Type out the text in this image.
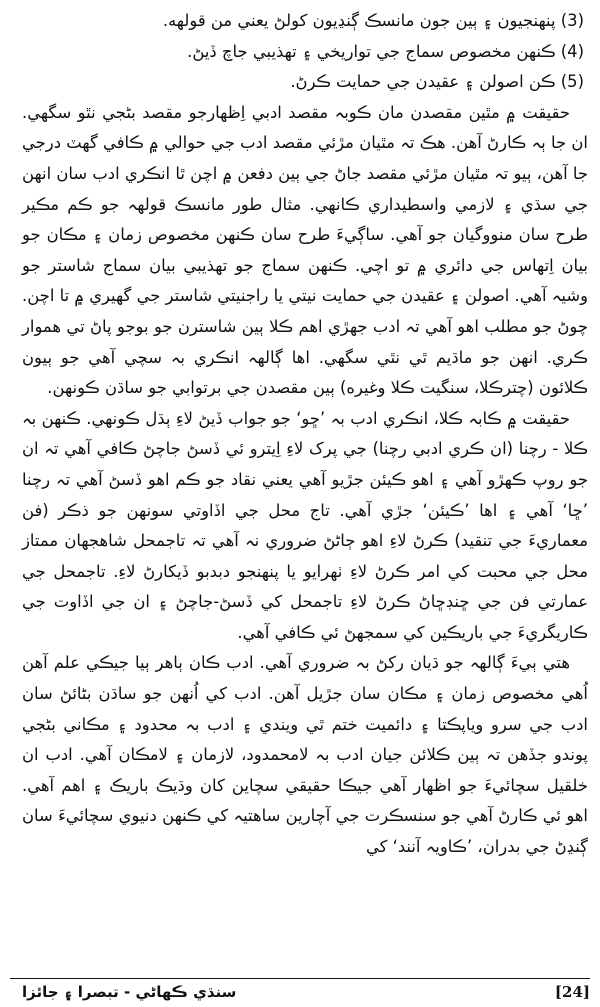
(3) پنھنجيون ۽ ٻين جون مانسڪ ڳنڍيون کولڻ يعني من قولهه.

(4) ڪنهن مخصوص سماج جي تواريخي ۽ تهذيبي جاچ ڏيڻ.

(5) ڪن اصولن ۽ عقيدن جي حمايت ڪرڻ.

حقيقت ۾ مٿين مقصدن مان ڪوبہ مقصد ادبي اِظهارجو مقصد بڻجي نٿو سگهي. ان جا ٻہ ڪارڻ آهن. هڪ تہ مٿيان مڙئي مقصد ادب جي حوالي ۾ ڪافي گهٽ درجي جا آهن، ٻيو تہ مٿيان مڙئي مقصد جاڻ جي ٻين دفعن ۾ اچن ٿا انڪري ادب سان انهن جي سڌي ۽ لازمي واسطيداري ڪانهي. مثال طور مانسڪ قولهہ جو ڪم مڪير طرح سان منووگيان جو آهي. ساڳيءَ طرح سان ڪنهن مخصوص زمان ۽ مڪان جو بيان اِتهاس جي دائري ۾ تو اچي. ڪنهن سماج جو تهذيبي بيان سماج شاستر جو وشيہ آهي. اصولن ۽ عقيدن جي حمايت نيتي يا راجنيتي شاستر جي گهيري ۾ تا اچن. چوڻ جو مطلب اهو آهي تہ ادب جهڙي اهم ڪلا ٻين شاسترن جو بوجو پاڻ تي هموار ڪري. انهن جو ماڌيم ٿي نٿي سگهي. اها ڳالهہ انڪري بہ سچي آهي جو ٻيون ڪلائون (چترڪلا، سنگيت ڪلا وغيره) ٻين مقصدن جي برتوابي جو ساڌن ڪونهن.

حقيقت ۾ ڪابہ ڪلا، انڪري ادب بہ ’ڇو‘ جو جواب ڏيڻ لاءِ ٻڌل ڪونهي. ڪنهن بہ ڪلا - رچنا (ان ڪري ادبي رچنا) جي پرک لاءِ اِيترو ئي ڏسڻ جاچڻ ڪافي آهي تہ ان جو روپ ڪهڙو آهي ۽ اهو ڪيئن جڙيو آهي يعني نقاد جو ڪم اهو ڏسڻ آهي تہ رچنا ’ڇا‘ آهي ۽ اها ’ڪيئن‘ جڙي آهي. تاج محل جي اڏاوتي سونهن جو ذڪر (فن معماريءَ جي تنقيد) ڪرڻ لاءِ اهو ڄاڻڻ ضروري نہ آهي تہ تاجمحل شاهجهان ممتاز محل جي محبت کي امر ڪرڻ لاءِ ٺهرايو يا پنهنجو دبدبو ڏيکارڻ لاءِ. تاجمحل جي عمارتي فن جي ڇنڊڇاڻ ڪرڻ لاءِ تاجمحل کي ڏسڻ-جاچڻ ۽ ان جي اڏاوت جي ڪاريگريءَ جي باريڪين کي سمجهڻ ئي ڪافي آهي.

هتي ٻيءَ ڳالهہ جو ڌيان رکڻ بہ ضروري آهي. ادب ڪان ٻاهر ٻيا جيڪي علم آهن اُهي مخصوص زمان ۽ مڪان سان جڙيل آهن. ادب کي اُنهن جو ساڌن بڻائڻ سان ادب جي سرو وياپڪتا ۽ دائميت ختم ٿي ويندي ۽ ادب بہ محدود ۽ مڪاني بڻجي پوندو جڏهن تہ ٻين ڪلائن جيان ادب بہ لامحمدود، لازمان ۽ لامڪان آهي. ادب ان خلقيل سچائيءَ جو اظهار آهي جيڪا حقيقي سچاين کان وڌيڪ باريڪ ۽ اهم آهي. اهو ئي ڪارڻ آهي جو سنسڪرت جي آچارين ساهتيہ کي ڪنهن دنيوي سچائيءَ سان ڳنڍڻ جي بدران، ’ڪاويہ آنند‘ کي

سنڌي ڪهاڻي - تبصرا ۽ جائزا	[24]
